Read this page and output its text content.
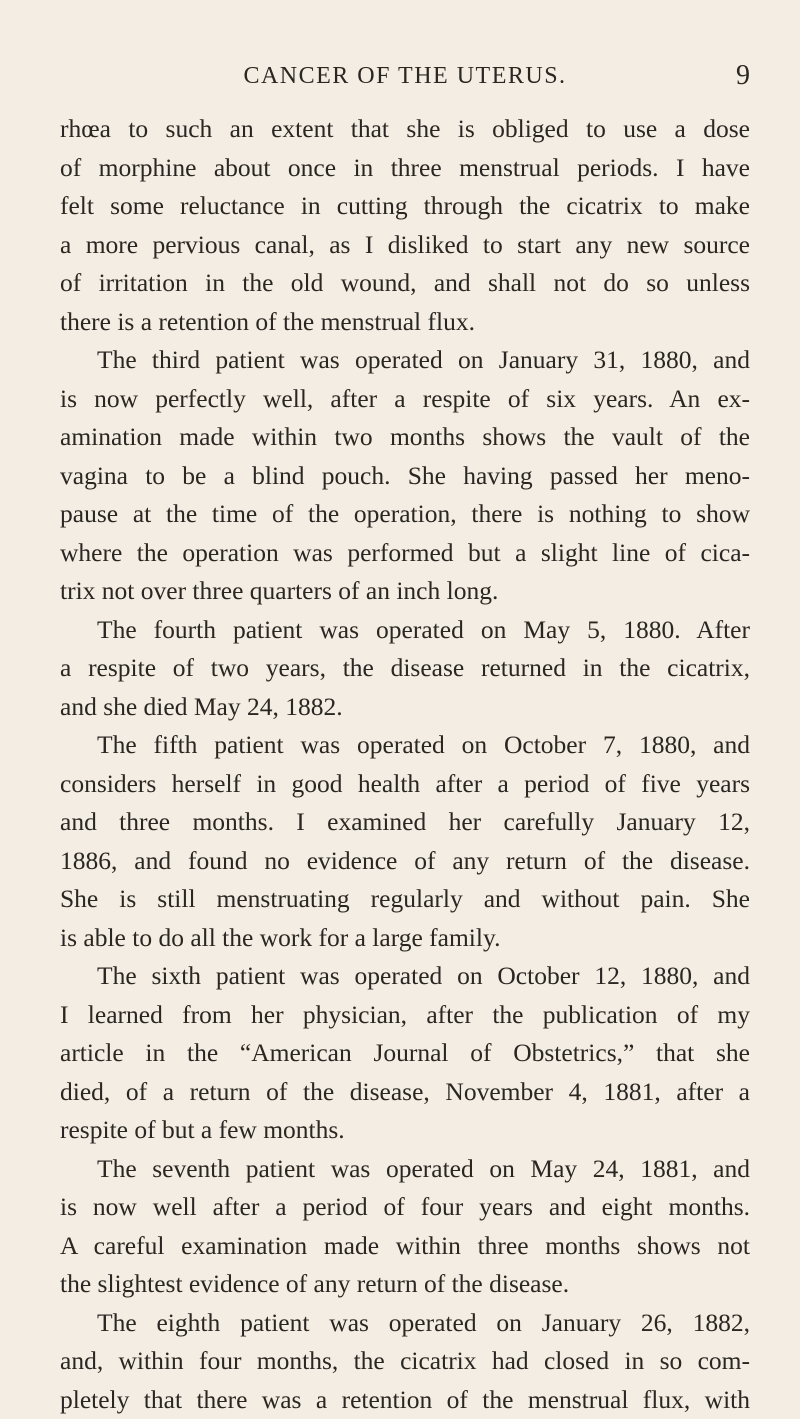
CANCER OF THE UTERUS.	9
rhœa to such an extent that she is obliged to use a dose
of morphine about once in three menstrual periods. I have
felt some reluctance in cutting through the cicatrix to make
a more pervious canal, as I disliked to start any new source
of irritation in the old wound, and shall not do so unless
there is a retention of the menstrual flux.
The third patient was operated on January 31, 1880, and
is now perfectly well, after a respite of six years. An ex-
amination made within two months shows the vault of the
vagina to be a blind pouch. She having passed her meno-
pause at the time of the operation, there is nothing to show
where the operation was performed but a slight line of cica-
trix not over three quarters of an inch long.
The fourth patient was operated on May 5, 1880. After
a respite of two years, the disease returned in the cicatrix,
and she died May 24, 1882.
The fifth patient was operated on October 7, 1880, and
considers herself in good health after a period of five years
and three months. I examined her carefully January 12,
1886, and found no evidence of any return of the disease.
She is still menstruating regularly and without pain. She
is able to do all the work for a large family.
The sixth patient was operated on October 12, 1880, and
I learned from her physician, after the publication of my
article in the “American Journal of Obstetrics,” that she
died, of a return of the disease, November 4, 1881, after a
respite of but a few months.
The seventh patient was operated on May 24, 1881, and
is now well after a period of four years and eight months.
A careful examination made within three months shows not
the slightest evidence of any return of the disease.
The eighth patient was operated on January 26, 1882,
and, within four months, the cicatrix had closed in so com-
pletely that there was a retention of the menstrual flux, with
